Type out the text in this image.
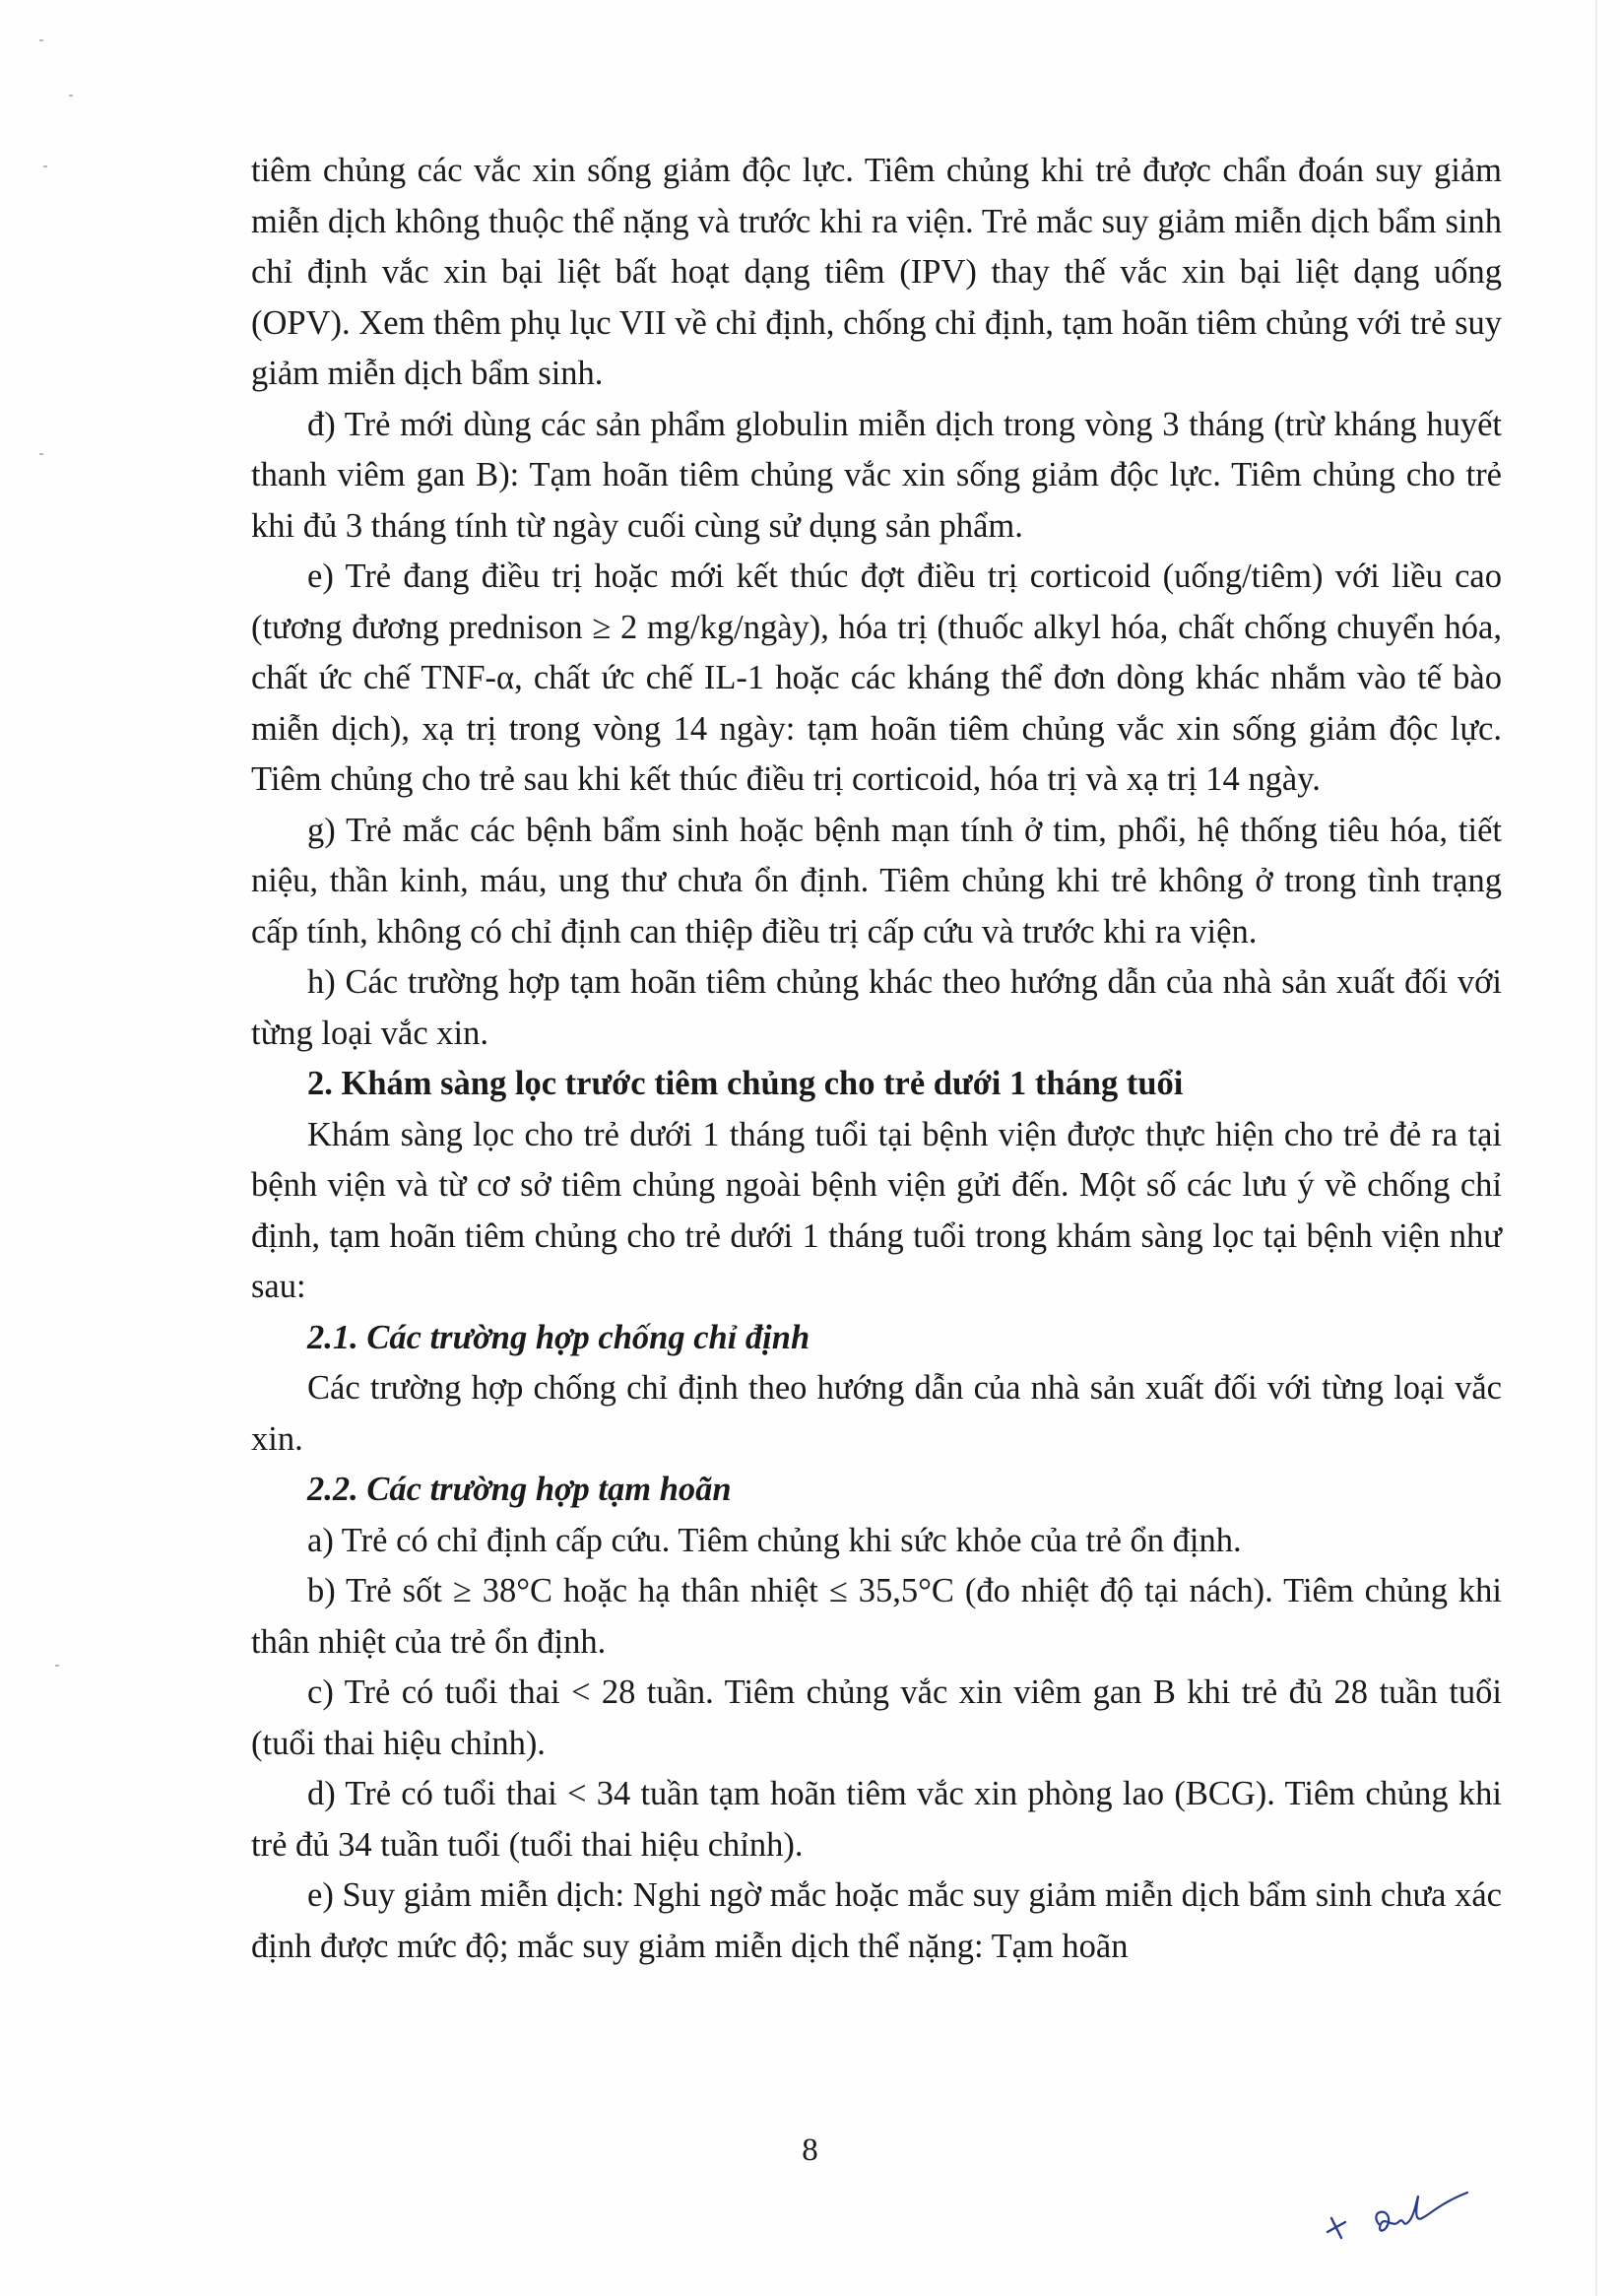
tiêm chủng các vắc xin sống giảm độc lực. Tiêm chủng khi trẻ được chẩn đoán suy giảm miễn dịch không thuộc thể nặng và trước khi ra viện. Trẻ mắc suy giảm miễn dịch bẩm sinh chỉ định vắc xin bại liệt bất hoạt dạng tiêm (IPV) thay thế vắc xin bại liệt dạng uống (OPV). Xem thêm phụ lục VII về chỉ định, chống chỉ định, tạm hoãn tiêm chủng với trẻ suy giảm miễn dịch bẩm sinh.

đ) Trẻ mới dùng các sản phẩm globulin miễn dịch trong vòng 3 tháng (trừ kháng huyết thanh viêm gan B): Tạm hoãn tiêm chủng vắc xin sống giảm độc lực. Tiêm chủng cho trẻ khi đủ 3 tháng tính từ ngày cuối cùng sử dụng sản phẩm.

e) Trẻ đang điều trị hoặc mới kết thúc đợt điều trị corticoid (uống/tiêm) với liều cao (tương đương prednison ≥ 2 mg/kg/ngày), hóa trị (thuốc alkyl hóa, chất chống chuyển hóa, chất ức chế TNF-α, chất ức chế IL-1 hoặc các kháng thể đơn dòng khác nhắm vào tế bào miễn dịch), xạ trị trong vòng 14 ngày: tạm hoãn tiêm chủng vắc xin sống giảm độc lực. Tiêm chủng cho trẻ sau khi kết thúc điều trị corticoid, hóa trị và xạ trị 14 ngày.

g) Trẻ mắc các bệnh bẩm sinh hoặc bệnh mạn tính ở tim, phổi, hệ thống tiêu hóa, tiết niệu, thần kinh, máu, ung thư chưa ổn định. Tiêm chủng khi trẻ không ở trong tình trạng cấp tính, không có chỉ định can thiệp điều trị cấp cứu và trước khi ra viện.

h) Các trường hợp tạm hoãn tiêm chủng khác theo hướng dẫn của nhà sản xuất đối với từng loại vắc xin.

2. Khám sàng lọc trước tiêm chủng cho trẻ dưới 1 tháng tuổi

Khám sàng lọc cho trẻ dưới 1 tháng tuổi tại bệnh viện được thực hiện cho trẻ đẻ ra tại bệnh viện và từ cơ sở tiêm chủng ngoài bệnh viện gửi đến. Một số các lưu ý về chống chỉ định, tạm hoãn tiêm chủng cho trẻ dưới 1 tháng tuổi trong khám sàng lọc tại bệnh viện như sau:

2.1. Các trường hợp chống chỉ định

Các trường hợp chống chỉ định theo hướng dẫn của nhà sản xuất đối với từng loại vắc xin.

2.2. Các trường hợp tạm hoãn

a) Trẻ có chỉ định cấp cứu. Tiêm chủng khi sức khỏe của trẻ ổn định.

b) Trẻ sốt ≥ 38°C hoặc hạ thân nhiệt ≤ 35,5°C (đo nhiệt độ tại nách). Tiêm chủng khi thân nhiệt của trẻ ổn định.

c) Trẻ có tuổi thai < 28 tuần. Tiêm chủng vắc xin viêm gan B khi trẻ đủ 28 tuần tuổi (tuổi thai hiệu chỉnh).

d) Trẻ có tuổi thai < 34 tuần tạm hoãn tiêm vắc xin phòng lao (BCG). Tiêm chủng khi trẻ đủ 34 tuần tuổi (tuổi thai hiệu chỉnh).

e) Suy giảm miễn dịch: Nghi ngờ mắc hoặc mắc suy giảm miễn dịch bẩm sinh chưa xác định được mức độ; mắc suy giảm miễn dịch thể nặng: Tạm hoãn

8
